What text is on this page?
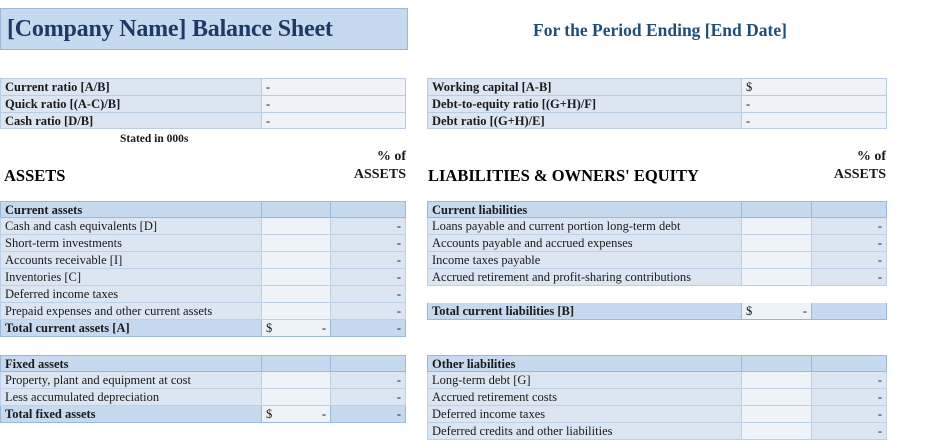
[Company Name] Balance Sheet	For the Period Ending [End Date]
Current ratio [A/B]	-
Quick ratio [(A-C)/B]	-
Cash ratio [D/B]	-
Working capital [A-B]	$
Debt-to-equity ratio [(G+H)/F]	-
Debt ratio [(G+H)/E]	-
Stated in 000s
ASSETS
% of
ASSETS LIABILITIES & OWNERS' EQUITY
% of
ASSETS
Current assets
Cash and cash equivalents [D]	-
Short-term investments	-
Accounts receivable [I]	-
Inventories [C]	-
Deferred income taxes	-
Prepaid expenses and other current assets	-
Total current assets [A]	$	-	-
Fixed assets
Property, plant and equipment at cost	-
Less accumulated depreciation	-
Total fixed assets	$	-	-
Current liabilities
Loans payable and current portion long-term debt	-
Accounts payable and accrued expenses	-
Income taxes payable	-
Accrued retirement and profit-sharing contributions	-
Total current liabilities [B]	$	-
Other liabilities
Long-term debt [G]	-
Accrued retirement costs	-
Deferred income taxes	-
Deferred credits and other liabilities	-
